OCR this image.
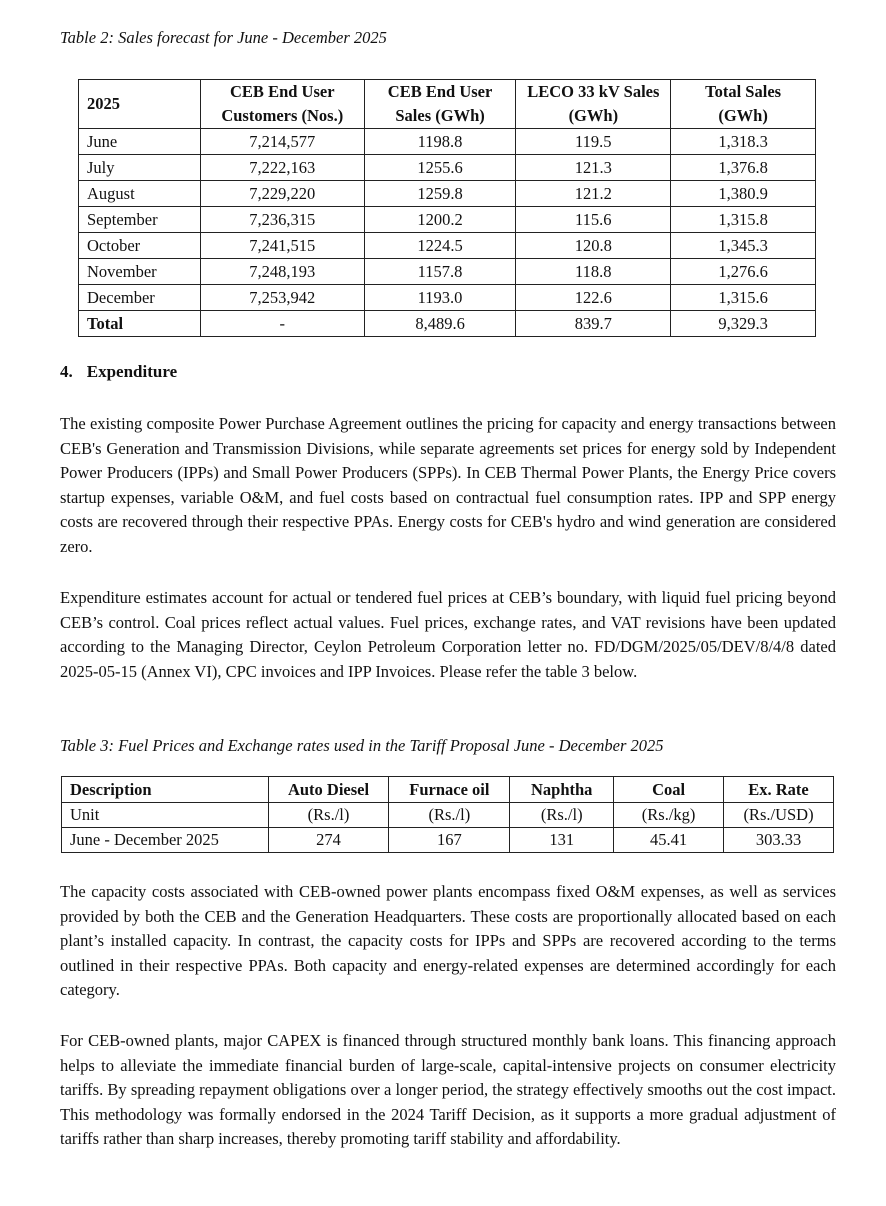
Table 2: Sales forecast for June - December 2025
2025	CEB End User Customers (Nos.)	CEB End User Sales (GWh)	LECO 33 kV Sales (GWh)	Total Sales (GWh)
June	7,214,577	1198.8	119.5	1,318.3
July	7,222,163	1255.6	121.3	1,376.8
August	7,229,220	1259.8	121.2	1,380.9
September	7,236,315	1200.2	115.6	1,315.8
October	7,241,515	1224.5	120.8	1,345.3
November	7,248,193	1157.8	118.8	1,276.6
December	7,253,942	1193.0	122.6	1,315.6
Total	-	8,489.6	839.7	9,329.3
4. Expenditure

The existing composite Power Purchase Agreement outlines the pricing for capacity and energy transactions between CEB's Generation and Transmission Divisions, while separate agreements set prices for energy sold by Independent Power Producers (IPPs) and Small Power Producers (SPPs). In CEB Thermal Power Plants, the Energy Price covers startup expenses, variable O&M, and fuel costs based on contractual fuel consumption rates. IPP and SPP energy costs are recovered through their respective PPAs. Energy costs for CEB's hydro and wind generation are considered zero.

Expenditure estimates account for actual or tendered fuel prices at CEB’s boundary, with liquid fuel pricing beyond CEB’s control. Coal prices reflect actual values. Fuel prices, exchange rates, and VAT revisions have been updated according to the Managing Director, Ceylon Petroleum Corporation letter no. FD/DGM/2025/05/DEV/8/4/8 dated 2025-05-15 (Annex VI), CPC invoices and IPP Invoices. Please refer the table 3 below.

Table 3: Fuel Prices and Exchange rates used in the Tariff Proposal June - December 2025
Description	Auto Diesel	Furnace oil	Naphtha	Coal	Ex. Rate
Unit	(Rs./l)	(Rs./l)	(Rs./l)	(Rs./kg)	(Rs./USD)
June - December 2025	274	167	131	45.41	303.33

The capacity costs associated with CEB-owned power plants encompass fixed O&M expenses, as well as services provided by both the CEB and the Generation Headquarters. These costs are proportionally allocated based on each plant’s installed capacity. In contrast, the capacity costs for IPPs and SPPs are recovered according to the terms outlined in their respective PPAs. Both capacity and energy-related expenses are determined accordingly for each category.

For CEB-owned plants, major CAPEX is financed through structured monthly bank loans. This financing approach helps to alleviate the immediate financial burden of large-scale, capital-intensive projects on consumer electricity tariffs. By spreading repayment obligations over a longer period, the strategy effectively smooths out the cost impact. This methodology was formally endorsed in the 2024 Tariff Decision, as it supports a more gradual adjustment of tariffs rather than sharp increases, thereby promoting tariff stability and affordability.
